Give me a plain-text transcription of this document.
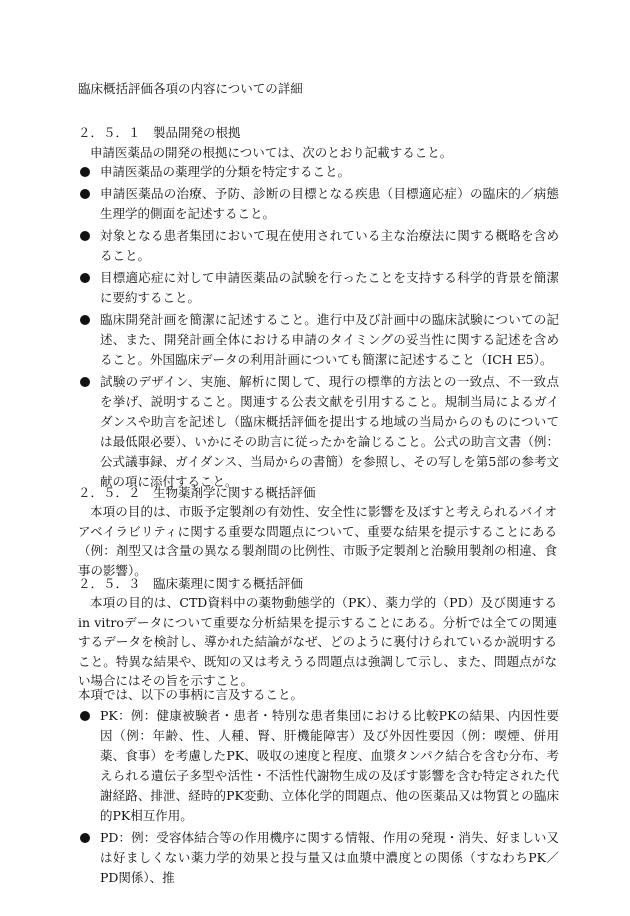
臨床概括評価各項の内容についての詳細
２．５．１　製品開発の根拠
申請医薬品の開発の根拠については、次のとおり記載すること。
申請医薬品の薬理学的分類を特定すること。
申請医薬品の治療、予防、診断の目標となる疾患（目標適応症）の臨床的／病態生理学的側面を記述すること。
対象となる患者集団において現在使用されている主な治療法に関する概略を含めること。
目標適応症に対して申請医薬品の試験を行ったことを支持する科学的背景を簡潔に要約すること。
臨床開発計画を簡潔に記述すること。進行中及び計画中の臨床試験についての記述、また、開発計画全体における申請のタイミングの妥当性に関する記述を含めること。外国臨床データの利用計画についても簡潔に記述すること（ICH E5）。
試験のデザイン、実施、解析に関して、現行の標準的方法との一致点、不一致点を挙げ、説明すること。関連する公表文献を引用すること。規制当局によるガイダンスや助言を記述し（臨床概括評価を提出する地域の当局からのものについては最低限必要）、いかにその助言に従ったかを論じること。公式の助言文書（例：公式議事録、ガイダンス、当局からの書簡）を参照し、その写しを第5部の参考文献の項に添付すること。
２．５．２　生物薬剤学に関する概括評価
本項の目的は、市販予定製剤の有効性、安全性に影響を及ぼすと考えられるバイオアベイラビリティに関する重要な問題点について、重要な結果を提示することにある（例：剤型又は含量の異なる製剤間の比例性、市販予定製剤と治験用製剤の相違、食事の影響）。
２．５．３　臨床薬理に関する概括評価
本項の目的は、CTD資料中の薬物動態学的（PK）、薬力学的（PD）及び関連するin vitroデータについて重要な分析結果を提示することにある。分析では全ての関連するデータを検討し、導かれた結論がなぜ、どのように裏付けられているか説明すること。特異な結果や、既知の又は考えうる問題点は強調して示し、また、問題点がない場合にはその旨を示すこと。
本項では、以下の事柄に言及すること。
PK：例：健康被験者・患者・特別な患者集団における比較PKの結果、内因性要因（例：年齢、性、人種、腎、肝機能障害）及び外因性要因（例：喫煙、併用薬、食事）を考慮したPK、吸収の速度と程度、血漿タンパク結合を含む分布、考えられる遺伝子多型や活性・不活性代謝物生成の及ぼす影響を含む特定された代謝経路、排泄、経時的PK変動、立体化学的問題点、他の医薬品又は物質との臨床的PK相互作用。
PD：例：受容体結合等の作用機序に関する情報、作用の発現・消失、好ましい又は好ましくない薬力学的効果と投与量又は血漿中濃度との関係（すなわちPK／PD関係）、推
